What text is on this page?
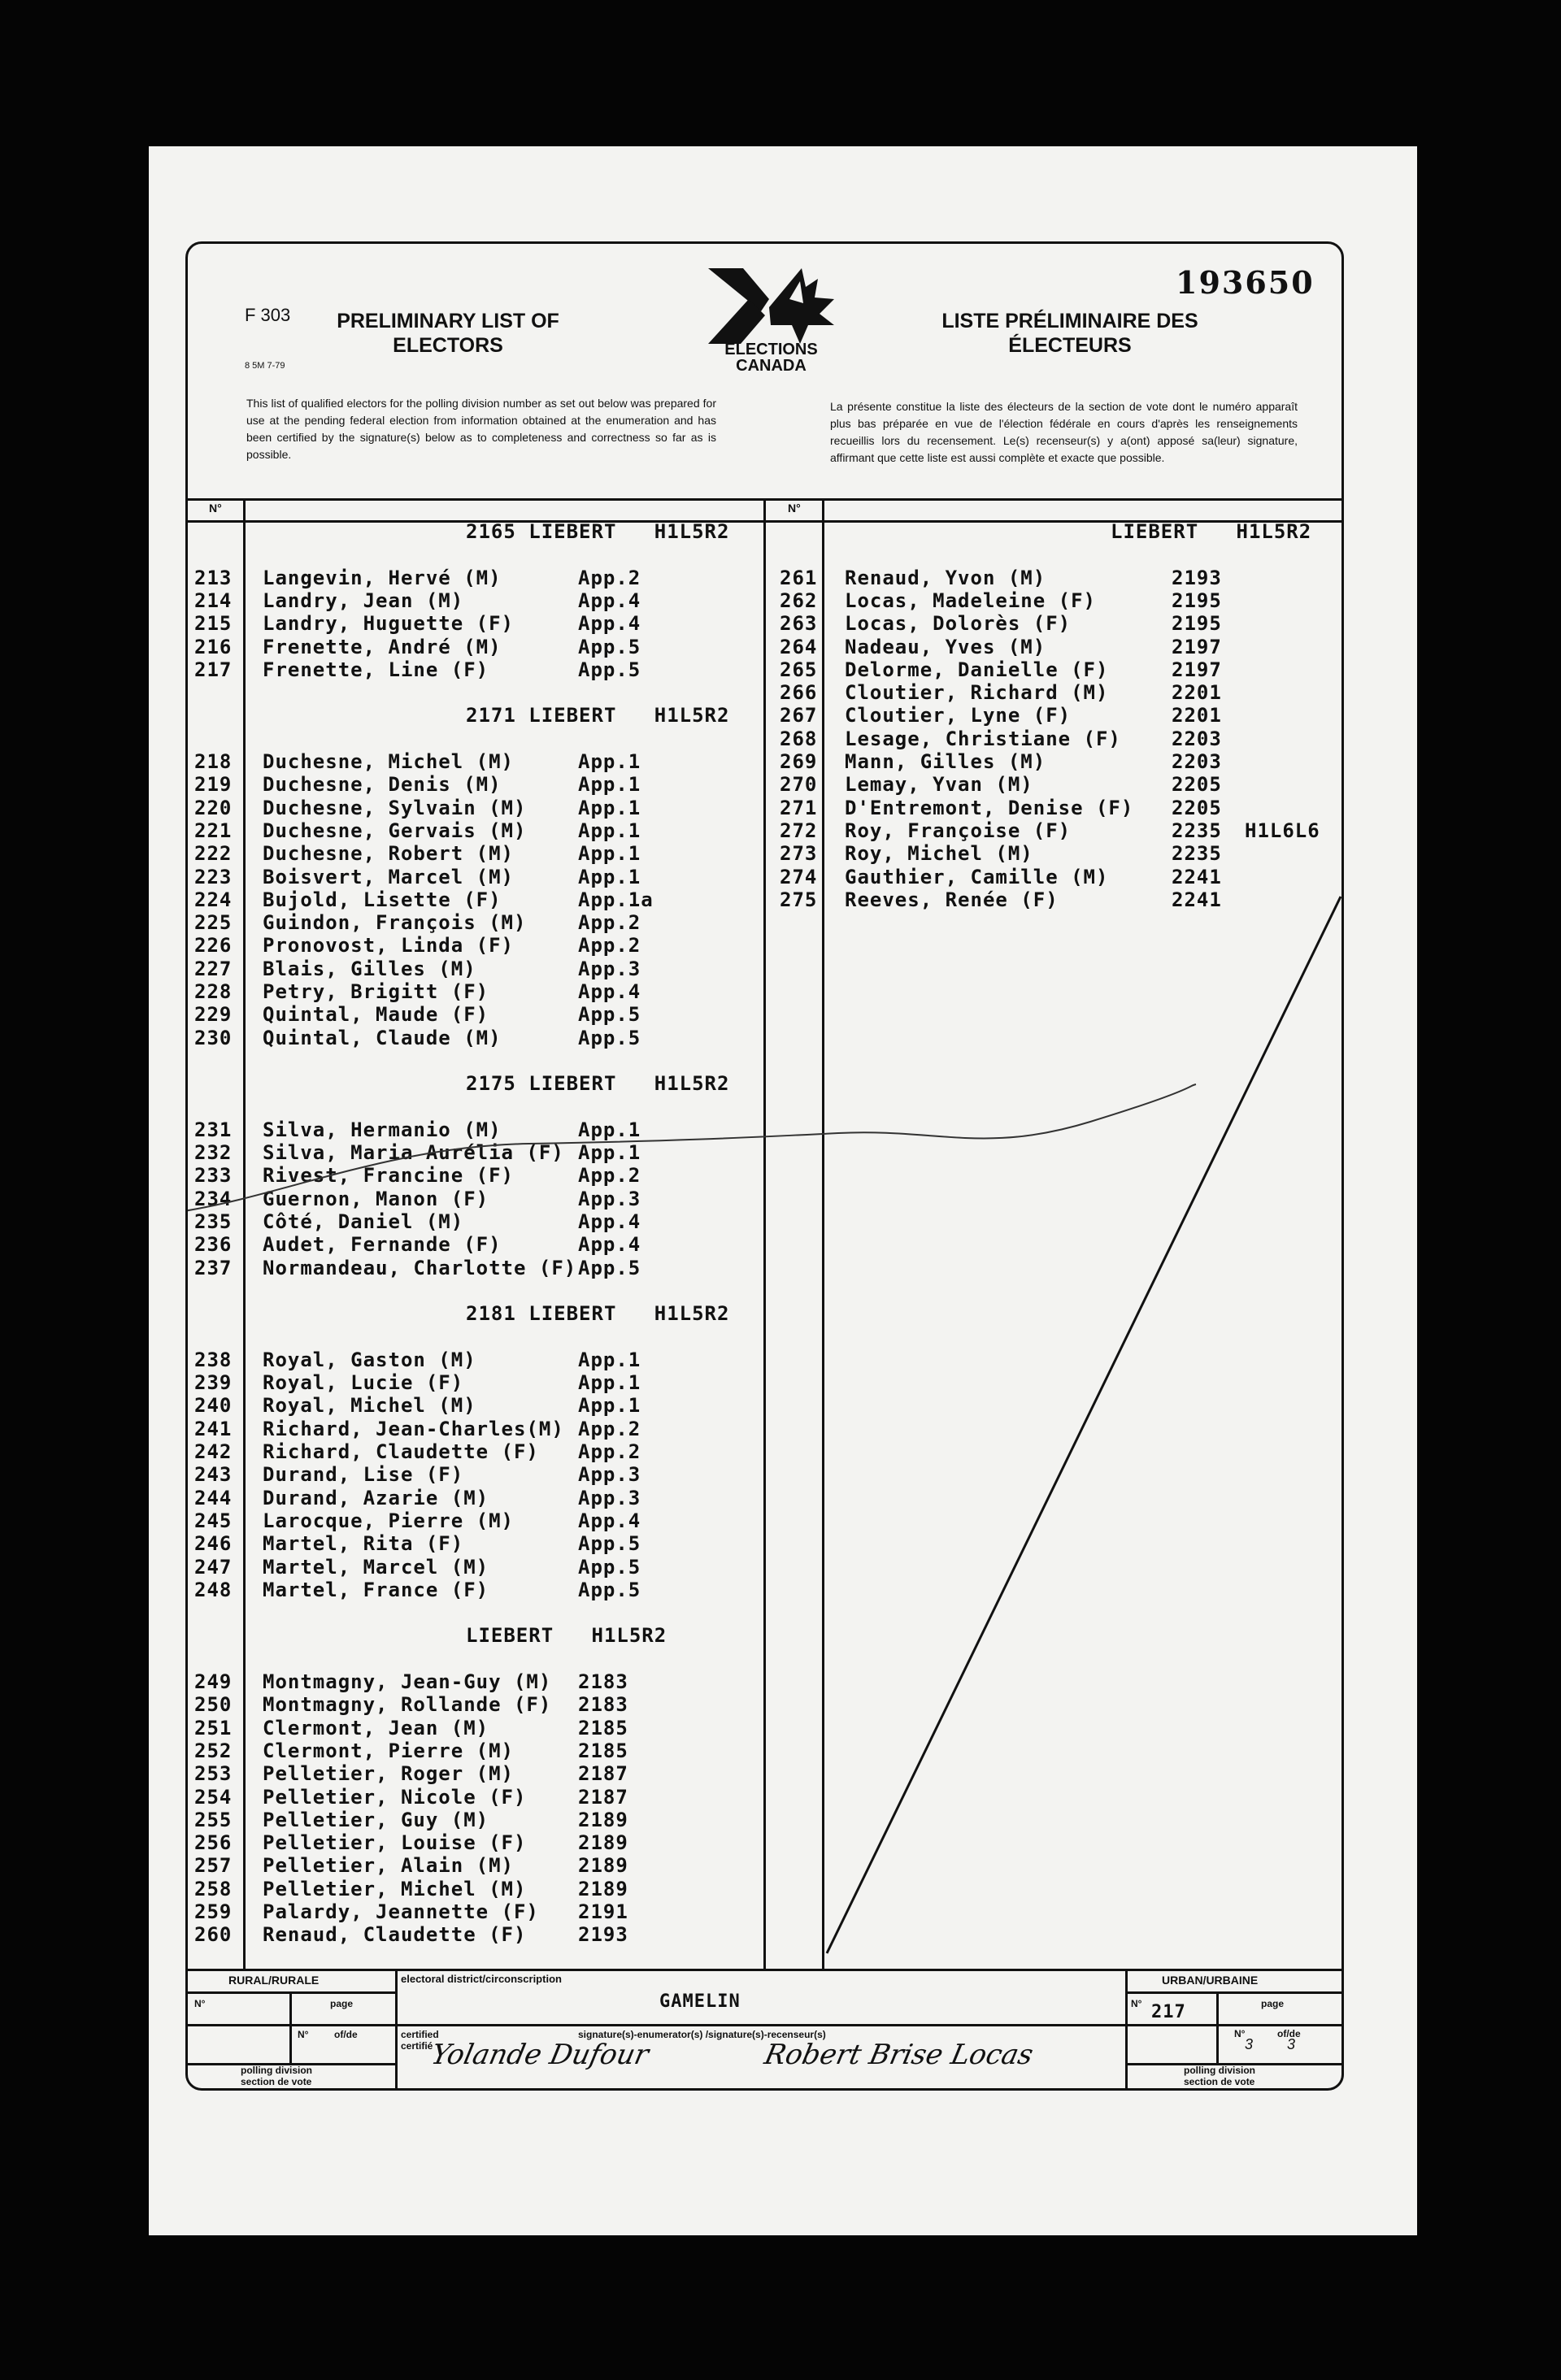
F 303
8 5M 7-79
PRELIMINARY LIST OF
ELECTORS	ELECTIONS
CANADA
193650
LISTE PRÉLIMINAIRE DES
ÉLECTEURS
This list of qualified electors for the polling division number as set out below was prepared for use at the pending federal election from information obtained at the enumeration and has been certified by the signature(s) below as to completeness and correctness so far as is possible.
La présente constitue la liste des électeurs de la section de vote dont le numéro apparaît plus bas préparée en vue de l'élection fédérale en cours d'après les renseignements recueillis lors du recensement. Le(s) recenseur(s) y a(ont) apposé sa(leur) signature, affirmant que cette liste est aussi complète et exacte que possible.
N°	N°
2165 LIEBERT   H1L5R2
213 Langevin, Hervé (M)	App.2
214 Landry, Jean (M)	App.4
215 Landry, Huguette (F)	App.4
216 Frenette, André (M)	App.5
217 Frenette, Line (F)	App.5
2171 LIEBERT   H1L5R2
218 Duchesne, Michel (M)	App.1
219 Duchesne, Denis (M)	App.1
220 Duchesne, Sylvain (M)	App.1
221 Duchesne, Gervais (M)	App.1
222 Duchesne, Robert (M)	App.1
223 Boisvert, Marcel (M)	App.1
224 Bujold, Lisette (F)	App.1a
225 Guindon, François (M)	App.2
226 Pronovost, Linda (F)	App.2
227 Blais, Gilles (M)	App.3
228 Petry, Brigitt (F)	App.4
229 Quintal, Maude (F)	App.5
230 Quintal, Claude (M)	App.5
2175 LIEBERT   H1L5R2
231 Silva, Hermanio (M)	App.1
232 Silva, Maria Aurélia (F) App.1
233 Rivest, Francine (F)	App.2
234 Guernon, Manon (F)	App.3
235 Côté, Daniel (M)	App.4
236 Audet, Fernande (F)	App.4
237 Normandeau, Charlotte (F) App.5
2181 LIEBERT   H1L5R2
238 Royal, Gaston (M)	App.1
239 Royal, Lucie (F)	App.1
240 Royal, Michel (M)	App.1
241 Richard, Jean-Charles(M) App.2
242 Richard, Claudette (F) App.2
243 Durand, Lise (F)	App.3
244 Durand, Azarie (M)	App.3
245 Larocque, Pierre (M)	App.4
246 Martel, Rita (F)	App.5
247 Martel, Marcel (M)	App.5
248 Martel, France (F)	App.5
LIEBERT   H1L5R2
249 Montmagny, Jean-Guy (M) 2183
250 Montmagny, Rollande (F) 2183
251 Clermont, Jean (M)	2185
252 Clermont, Pierre (M)	2185
253 Pelletier, Roger (M)	2187
254 Pelletier, Nicole (F)	2187
255 Pelletier, Guy (M)	2189
256 Pelletier, Louise (F)	2189
257 Pelletier, Alain (M)	2189
258 Pelletier, Michel (M)	2189
259 Palardy, Jeannette (F) 2191
260 Renaud, Claudette (F)	2193
LIEBERT   H1L5R2
261 Renaud, Yvon (M)	2193
262 Locas, Madeleine (F)	2195
263 Locas, Dolorès (F)	2195
264 Nadeau, Yves (M)	2197
265 Delorme, Danielle (F)	2197
266 Cloutier, Richard (M)	2201
267 Cloutier, Lyne (F)	2201
268 Lesage, Christiane (F)	2203
269 Mann, Gilles (M)	2203
270 Lemay, Yvan (M)	2205
271 D'Entremont, Denise (F) 2205
272 Roy, Françoise (F)	2235 H1L6L6
273 Roy, Michel (M)	2235
274 Gauthier, Camille (M)	2241
275 Reeves, Renée (F)	2241
RURAL/RURALE
N°	page
N°	of/de
polling division
section de vote
electoral district/circonscription
GAMELIN
certified
certifié
signature(s)-enumerator(s) /signature(s)-recenseur(s)
Yolande Dufour	Robert Brise Locas
URBAN/URBAINE
N° 217	page
N°
3
of/de
3
polling division
section de vote
